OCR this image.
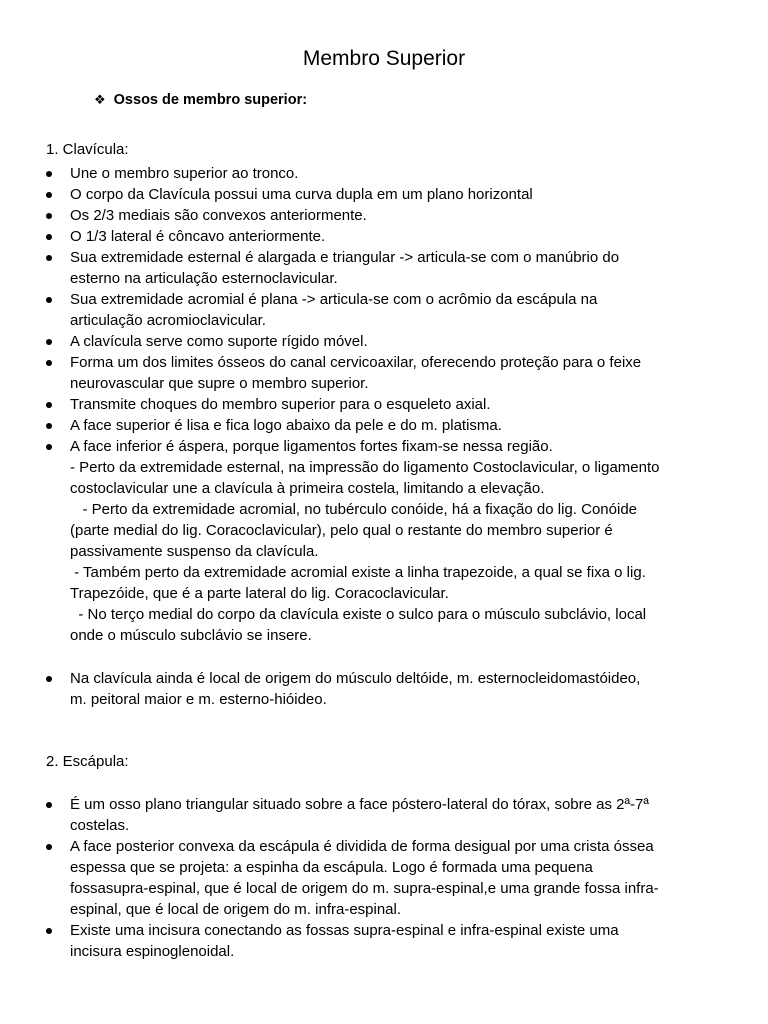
Membro Superior
❖ Ossos de membro superior:
1. Clavícula:
Une o membro superior ao tronco.
O corpo da Clavícula possui uma curva dupla em um plano horizontal
Os 2/3 mediais são convexos anteriormente.
O 1/3 lateral é côncavo anteriormente.
Sua extremidade esternal é alargada e triangular -> articula-se com o manúbrio do
esterno na articulação esternoclavicular.
Sua extremidade acromial é plana -> articula-se com o acrômio da escápula na
articulação acromioclavicular.
A clavícula serve como suporte rígido móvel.
Forma um dos limites ósseos do canal cervicoaxilar, oferecendo proteção para o feixe
neurovascular que supre o membro superior.
Transmite choques do membro superior para o esqueleto axial.
A face superior é lisa e fica logo abaixo da pele e do m. platisma.
A face inferior é áspera, porque ligamentos fortes fixam-se nessa região.
- Perto da extremidade esternal, na impressão do ligamento Costoclavicular, o ligamento
costoclavicular une a clavícula à primeira costela, limitando a elevação.
- Perto da extremidade acromial, no tubérculo conóide, há a fixação do lig. Conóide
(parte medial do lig. Coracoclavicular), pelo qual o restante do membro superior é
passivamente suspenso da clavícula.
- Também perto da extremidade acromial existe a linha trapezoide, a qual se fixa o lig.
Trapezóide, que é a parte lateral do lig. Coracoclavicular.
- No terço medial do corpo da clavícula existe o sulco para o músculo subclávio, local
onde o músculo subclávio se insere.
Na clavícula ainda é local de origem do músculo deltóide, m. esternocleidomastóideo,
m. peitoral maior e m. esterno-hióideo.
2. Escápula:
É um osso plano triangular situado sobre a face póstero-lateral do tórax, sobre as 2ª-7ª
costelas.
A face posterior convexa da escápula é dividida de forma desigual por uma crista óssea
espessa que se projeta: a espinha da escápula. Logo é formada uma pequena
fossasupra-espinal, que é local de origem do m. supra-espinal,e uma grande fossa infra-
espinal, que é local de origem do m. infra-espinal.
Existe uma incisura conectando as fossas supra-espinal e infra-espinal existe uma
incisura espinoglenoidal.
